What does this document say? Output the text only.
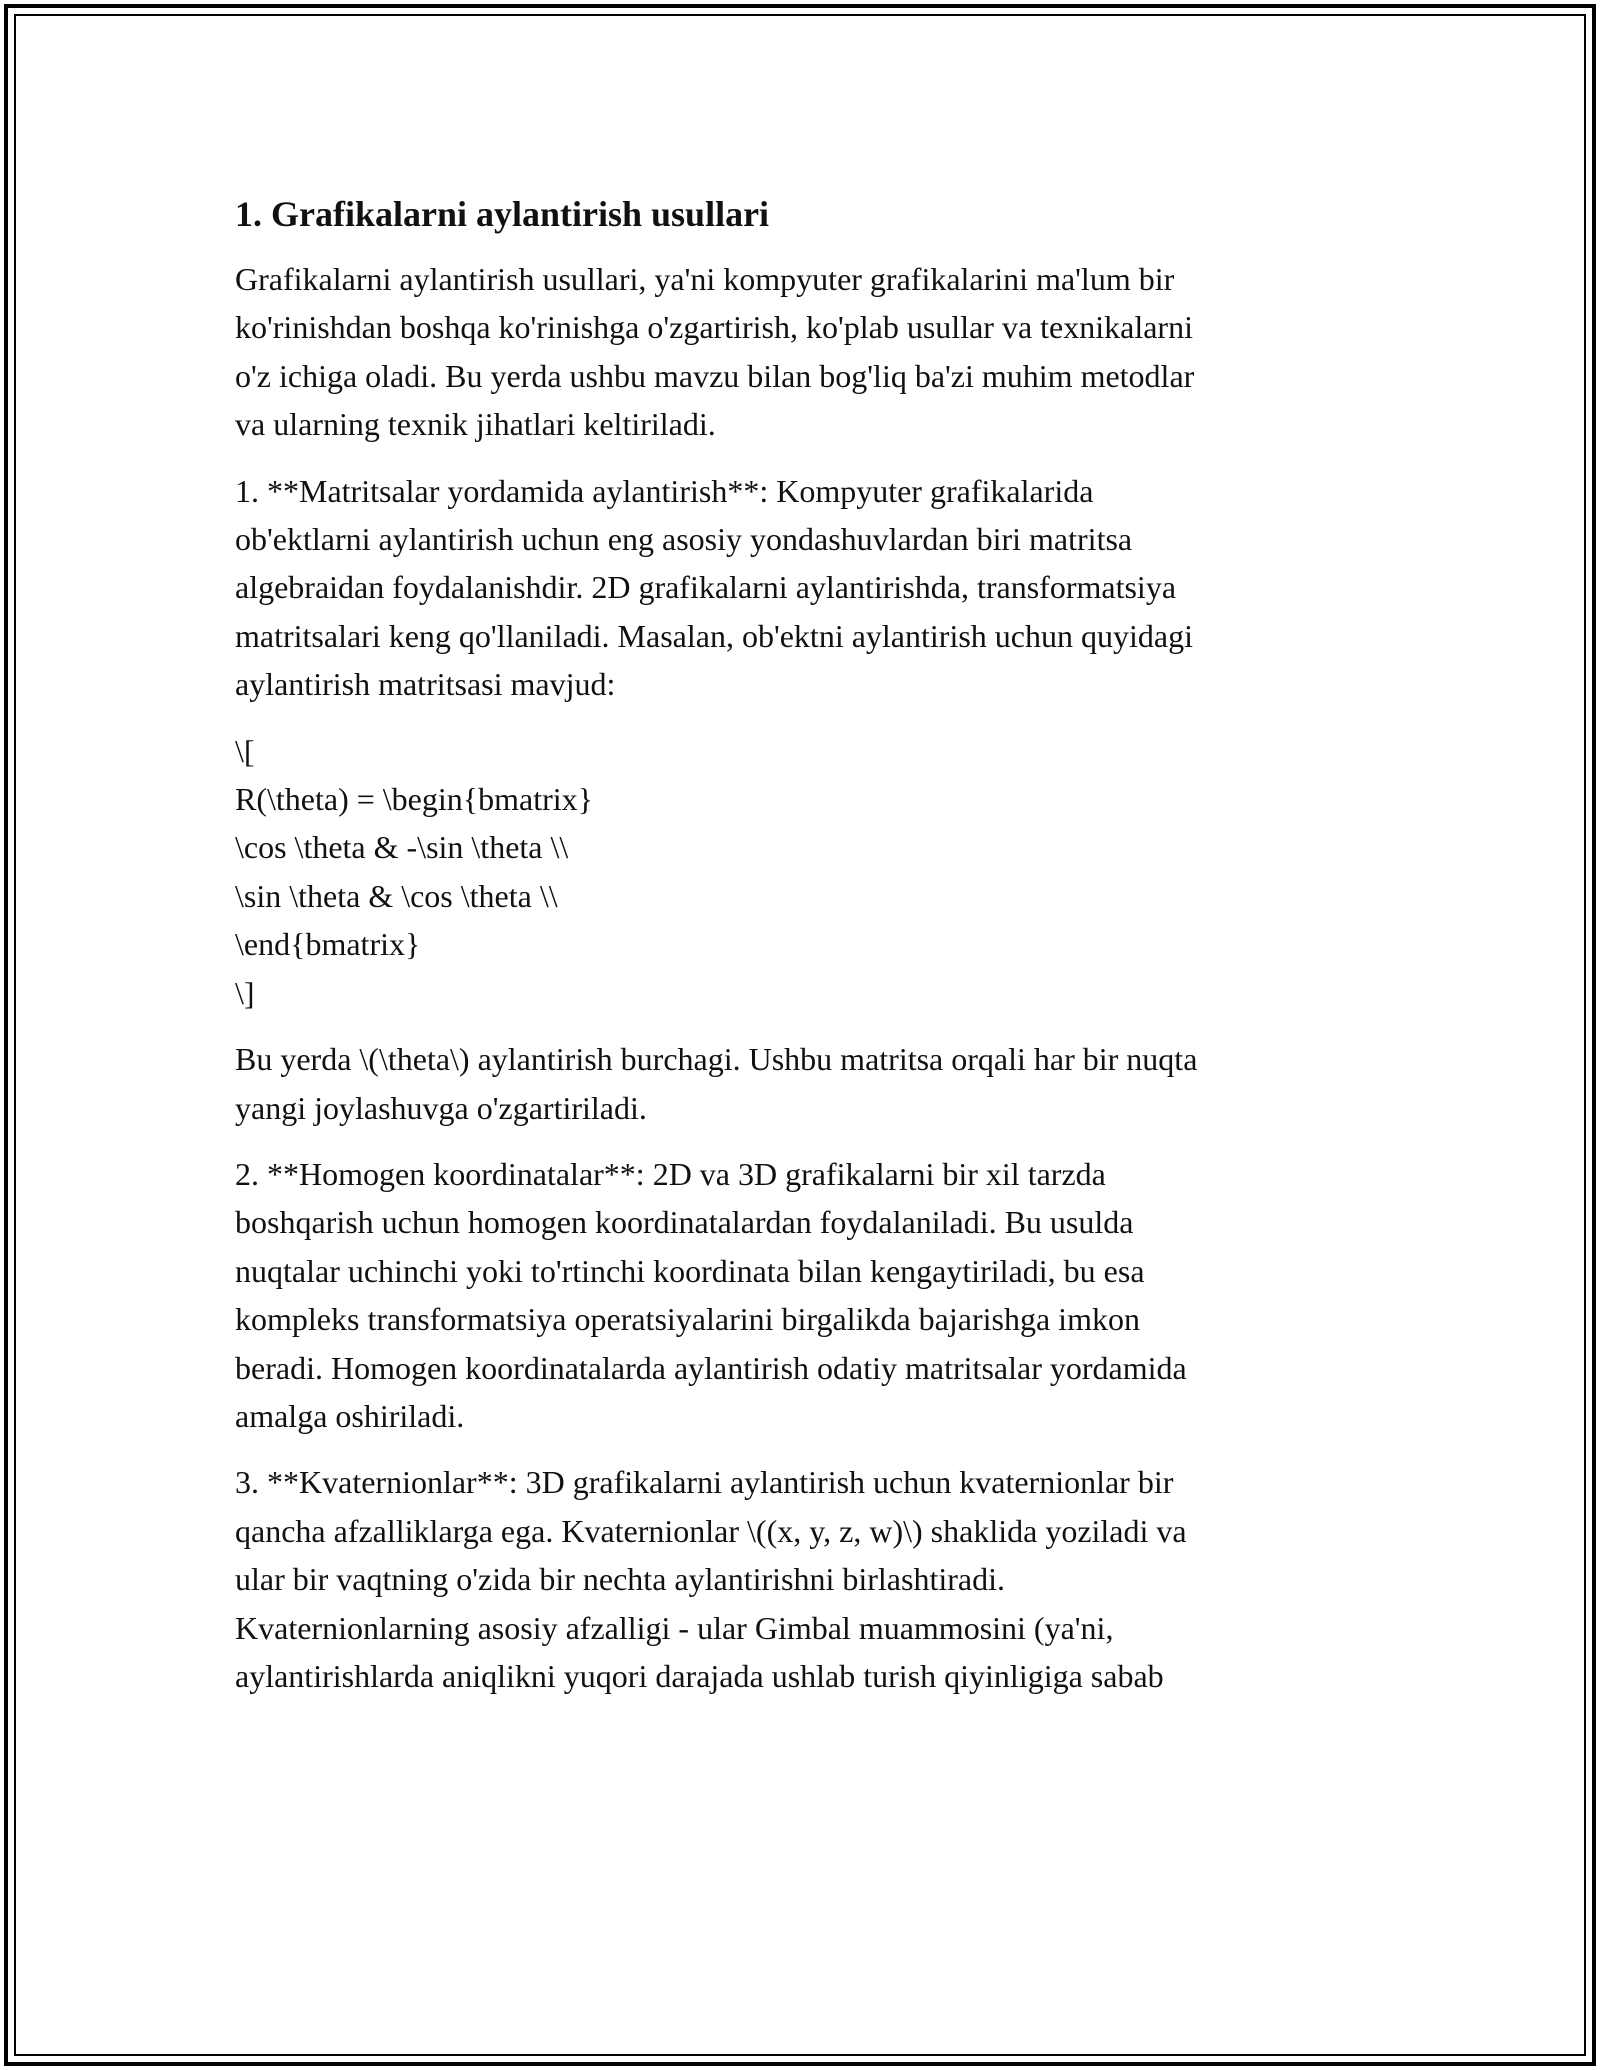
1. Grafikalarni aylantirish usullari

Grafikalarni aylantirish usullari, ya'ni kompyuter grafikalarini ma'lum bir
ko'rinishdan boshqa ko'rinishga o'zgartirish, ko'plab usullar va texnikalarni
o'z ichiga oladi. Bu yerda ushbu mavzu bilan bog'liq ba'zi muhim metodlar
va ularning texnik jihatlari keltiriladi.

1. **Matritsalar yordamida aylantirish**: Kompyuter grafikalarida
ob'ektlarni aylantirish uchun eng asosiy yondashuvlardan biri matritsa
algebraidan foydalanishdir. 2D grafikalarni aylantirishda, transformatsiya
matritsalari keng qo'llaniladi. Masalan, ob'ektni aylantirish uchun quyidagi
aylantirish matritsasi mavjud:

\[
R(\theta) = \begin{bmatrix}
\cos \theta & -\sin \theta \\
\sin \theta & \cos \theta \\
\end{bmatrix}
\]

Bu yerda \(\theta\) aylantirish burchagi. Ushbu matritsa orqali har bir nuqta
yangi joylashuvga o'zgartiriladi.

2. **Homogen koordinatalar**: 2D va 3D grafikalarni bir xil tarzda
boshqarish uchun homogen koordinatalardan foydalaniladi. Bu usulda
nuqtalar uchinchi yoki to'rtinchi koordinata bilan kengaytiriladi, bu esa
kompleks transformatsiya operatsiyalarini birgalikda bajarishga imkon
beradi. Homogen koordinatalarda aylantirish odatiy matritsalar yordamida
amalga oshiriladi.

3. **Kvaternionlar**: 3D grafikalarni aylantirish uchun kvaternionlar bir
qancha afzalliklarga ega. Kvaternionlar \((x, y, z, w)\) shaklida yoziladi va
ular bir vaqtning o'zida bir nechta aylantirishni birlashtiradi.
Kvaternionlarning asosiy afzalligi - ular Gimbal muammosini (ya'ni,
aylantirishlarda aniqlikni yuqori darajada ushlab turish qiyinligiga sabab
